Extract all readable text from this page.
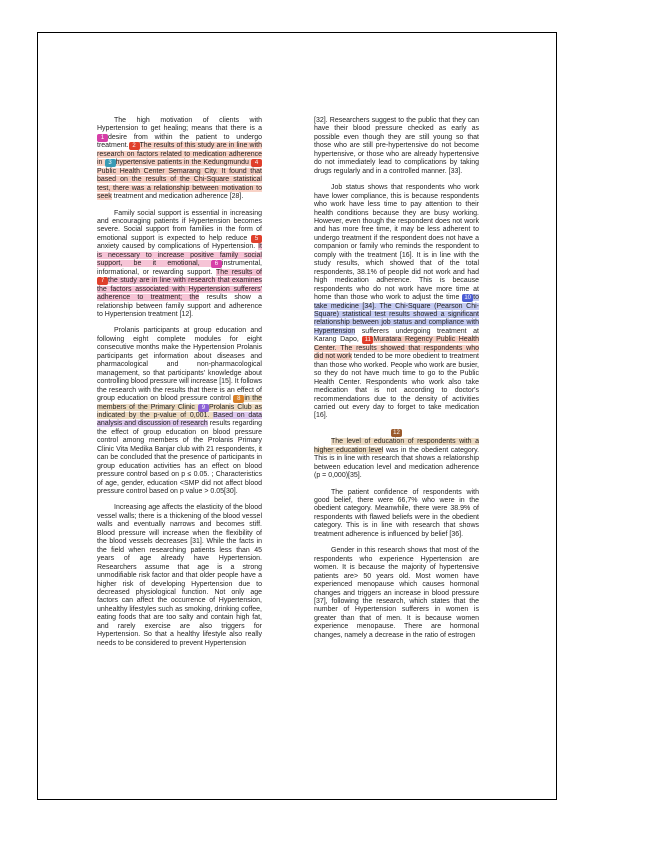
The high motivation of clients with Hypertension to get healing; means that there is a 1 desire from within the patient to undergo treatment. 2 The results of this study are in line with research on factors related to medication adherence in 3 hypertensive patients in the Kedungmundu 4Public Health Center Semarang City. It found that based on the results of the Chi-Square statistical test, there was a relationship between motivation to seek treatment and medication adherence [28].

Family social support is essential in increasing and encouraging patients if Hypertension becomes severe. Social support from families in the form of emotional support is expected to help reduce 5anxiety caused by complications of Hypertension. It is necessary to increase positive family social support, be it emotional, 6 instrumental, informational, or rewarding support. The results of 7 the study are in line with research that examines the factors associated with Hypertension sufferers' adherence to treatment; the results show a relationship between family support and adherence to Hypertension treatment [12].

Prolanis participants at group education and following eight complete modules for eight consecutive months make the Hypertension Prolanis participants get information about diseases and pharmacological and non-pharmacological management, so that participants' knowledge about controlling blood pressure will increase [15]. It follows the research with the results that there is an effect of group education on blood pressure control 8 in the members of the Primary Clinic 9 Prolanis Club as indicated by the p-value of 0,001. Based on data analysis and discussion of research results regarding the effect of group education on blood pressure control among members of the Prolanis Primary Clinic Vita Medika Banjar club with 21 respondents, it can be concluded that the presence of participants in group education activities has an effect on blood pressure control based on p ≤ 0.05. ; Characteristics of age, gender, education <SMP did not affect blood pressure control based on p value > 0.05[30].

Increasing age affects the elasticity of the blood vessel walls; there is a thickening of the blood vessel walls and eventually narrows and becomes stiff. Blood pressure will increase when the flexibility of the blood vessels decreases [31]. While the facts in the field when researching patients less than 45 years of age already have Hypertension. Researchers assume that age is a strong unmodifiable risk factor and that older people have a higher risk of developing Hypertension due to decreased physiological function. Not only age factors can affect the occurrence of Hypertension, unhealthy lifestyles such as smoking, drinking coffee, eating foods that are too salty and contain high fat, and rarely exercise are also triggers for Hypertension. So that a healthy lifestyle also really needs to be considered to prevent Hypertension

[32]. Researchers suggest to the public that they can have their blood pressure checked as early as possible even though they are still young so that those who are still pre-hypertensive do not become hypertensive, or those who are already hypertensive do not immediately lead to complications by taking drugs regularly and in a controlled manner. [33].

Job status shows that respondents who work have lower compliance, this is because respondents who work have less time to pay attention to their health conditions because they are busy working. However, even though the respondent does not work and has more free time, it may be less adherent to undergo treatment if the respondent does not have a companion or family who reminds the respondent to comply with the treatment [16]. It is in line with the study results, which showed that of the total respondents, 38.1% of people did not work and had high medication adherence. This is because respondents who do not work have more time at home than those who work to adjust the time 10 to take medicine [34]. The Chi-Square (Pearson Chi-Square) statistical test results showed a significant relationship between job status and compliance with Hypertension sufferers undergoing treatment at Karang Dapo, 11 Muratara Regency Public Health Center. The results showed that respondents who did not work tended to be more obedient to treatment than those who worked. People who work are busier, so they do not have much time to go to the Public Health Center. Respondents who work also take medication that is not according to doctor's recommendations due to the density of activities carried out every day to forget to take medication [16].

12

The level of education of respondents with a higher education level was in the obedient category. This is in line with research that shows a relationship between education level and medication adherence (p = 0,000)[35].

The patient confidence of respondents with good belief, there were 66,7% who were in the obedient category. Meanwhile, there were 38.9% of respondents with flawed beliefs were in the obedient category. This is in line with research that shows treatment adherence is influenced by belief [36].

Gender in this research shows that most of the respondents who experience Hypertension are women. It is because the majority of hypertensive patients are> 50 years old. Most women have experienced menopause which causes hormonal changes and triggers an increase in blood pressure [37], following the research, which states that the number of Hypertension sufferers in women is greater than that of men. It is because women experience menopause. There are hormonal changes, namely a decrease in the ratio of estrogen
